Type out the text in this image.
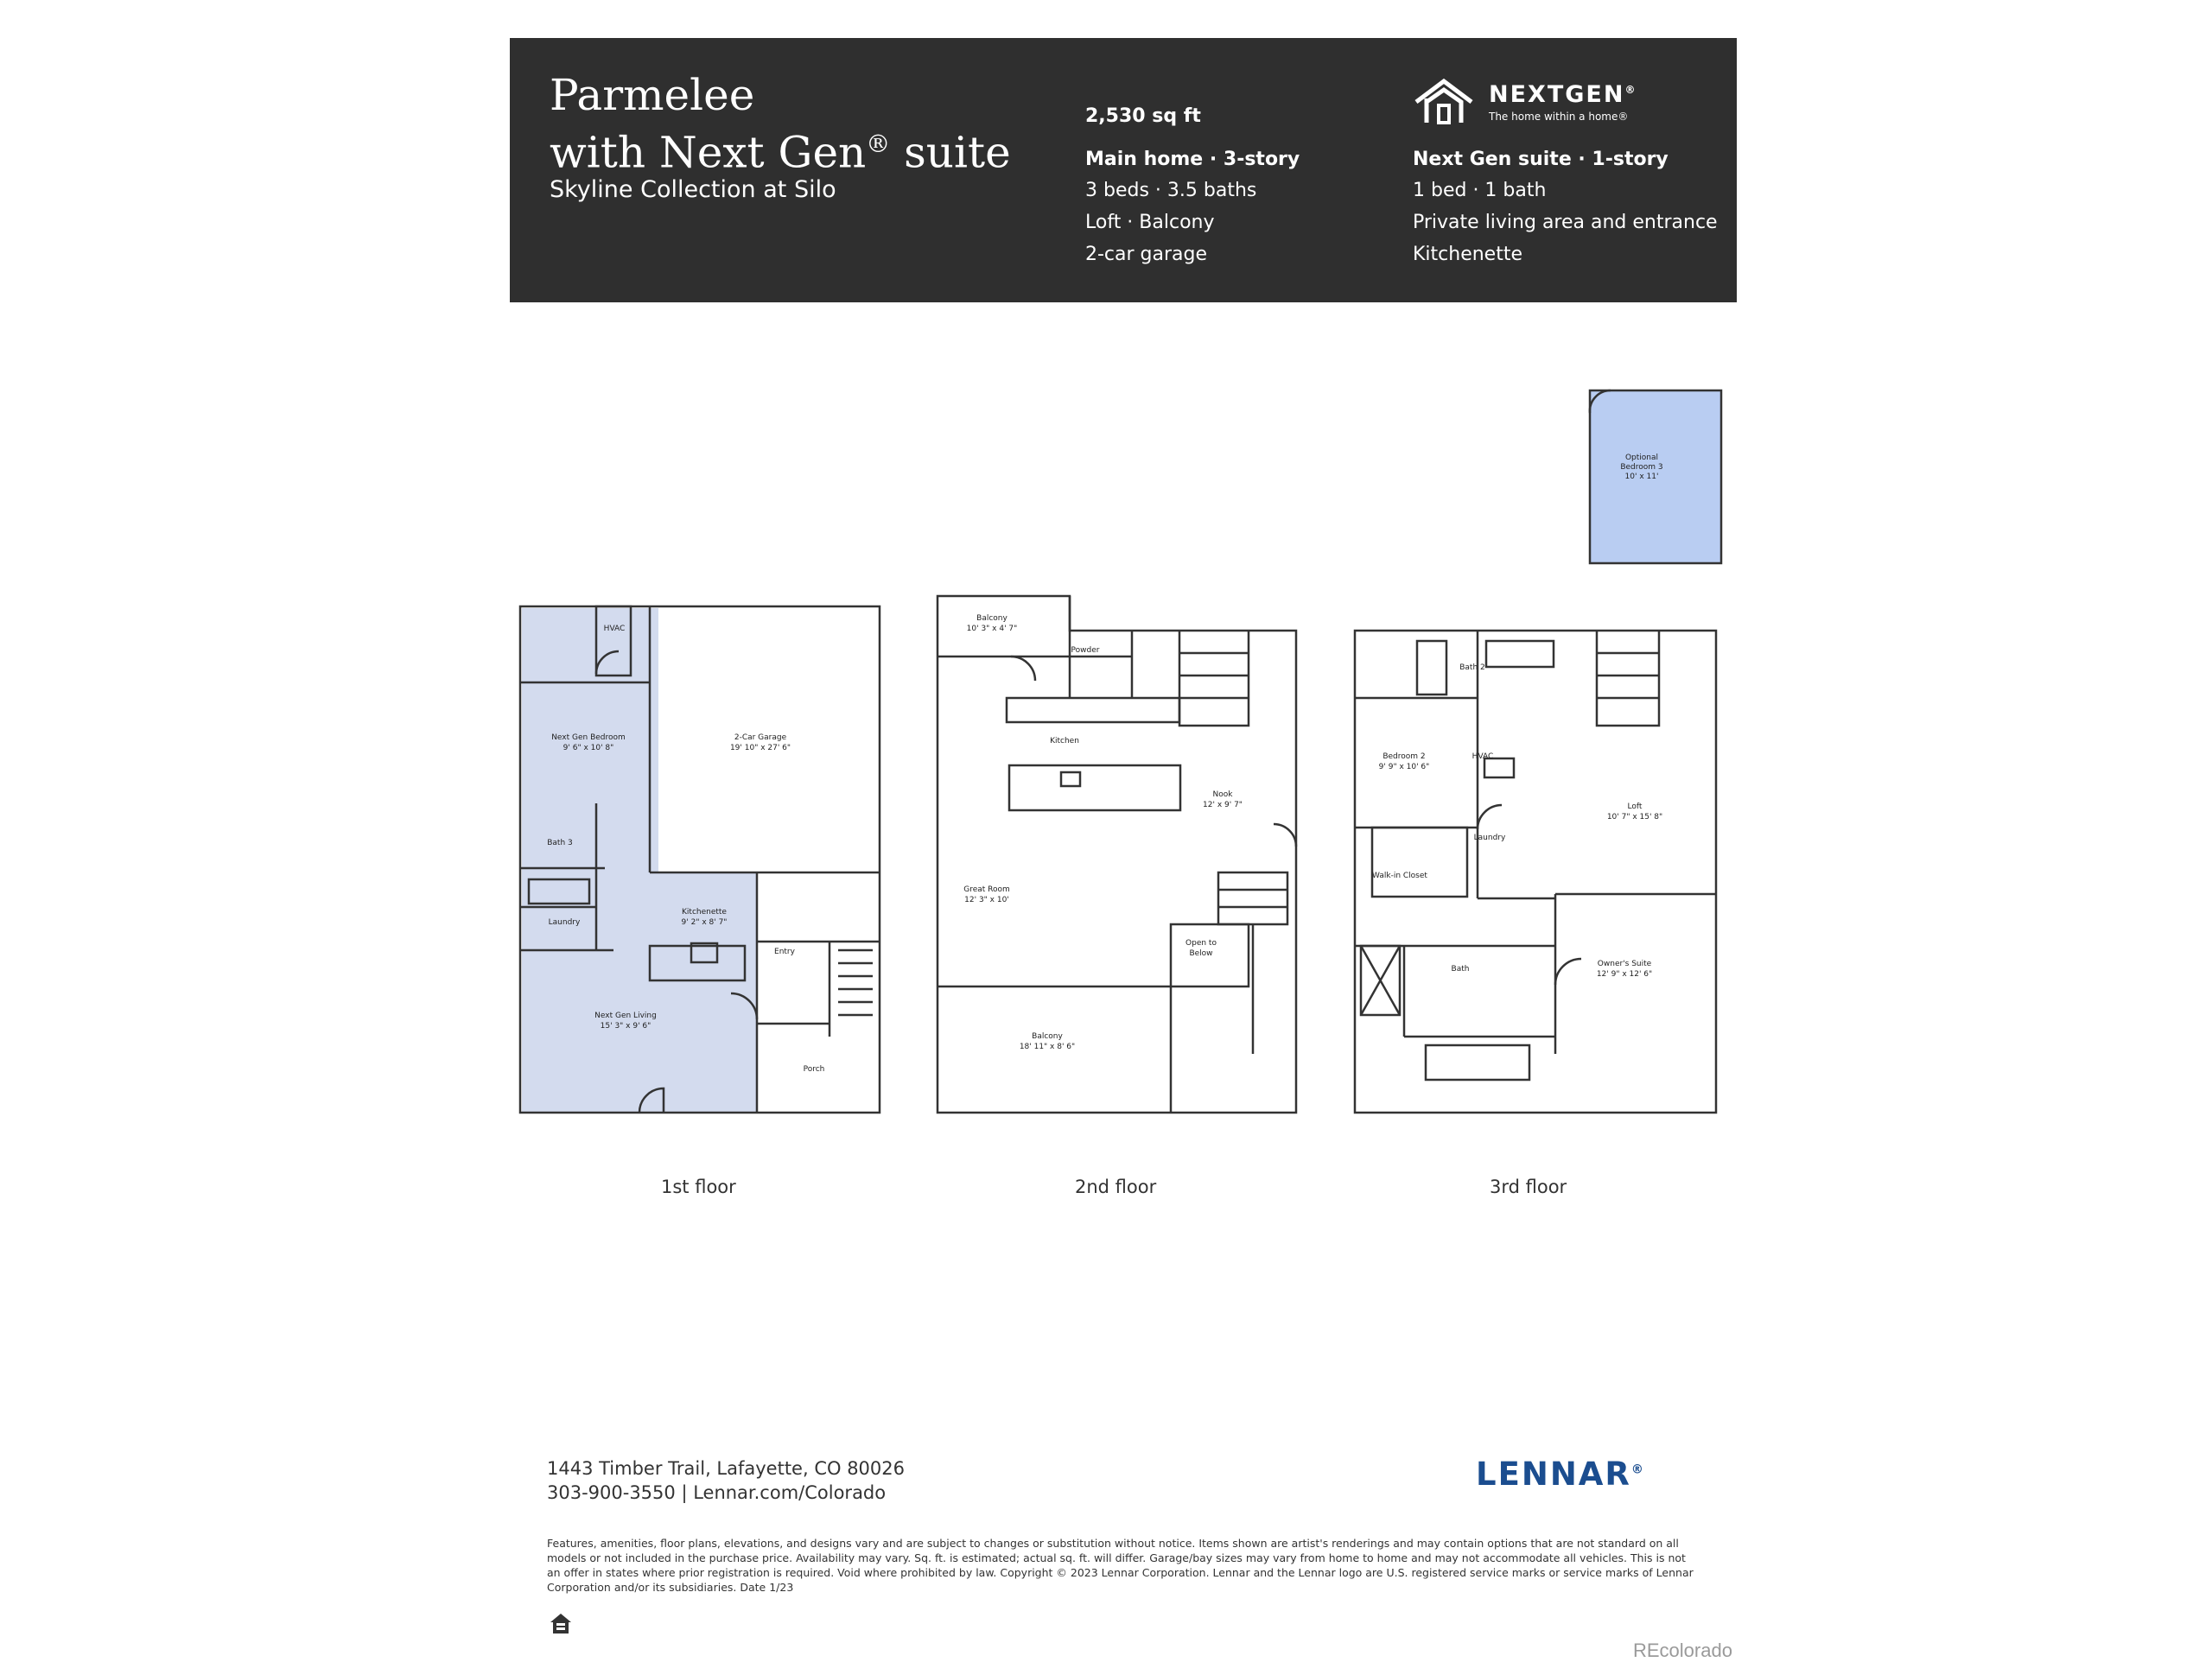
Parmelee
with Next Gen® suite
Skyline Collection at Silo
2,530 sq ft
Main home · 3-story
3 beds · 3.5 baths
Loft · Balcony
2-car garage
NEXTGEN®
The home within a home®
Next Gen suite · 1-story
1 bed · 1 bath
Private living area and entrance
Kitchenette
HVAC
Next Gen Bedroom
9' 6" x 10' 8"
2-Car Garage
19' 10" x 27' 6"
Bath 3
Laundry
Kitchenette
9' 2" x 8' 7"
Entry
Next Gen Living
15' 3" x 9' 6"
Porch
Balcony
10' 3" x 4' 7"
Powder
Kitchen
Nook
12' x 9' 7"
Great Room
12' 3" x 10'
Open to
Below
Balcony
18' 11" x 8' 6"
Bath 2
Bedroom 2
9' 9" x 10' 6"
HVAC
Loft
10' 7" x 15' 8"
Laundry
Walk-in Closet
Bath
Owner's Suite
12' 9" x 12' 6"
Optional
Bedroom 3
10' x 11'
1st floor	2nd floor	3rd floor
1443 Timber Trail, Lafayette, CO 80026
303-900-3550 | Lennar.com/Colorado	LENNAR®
Features, amenities, floor plans, elevations, and designs vary and are subject to changes or substitution without notice. Items shown are artist's renderings and may contain options that are not standard on all models or not included in the purchase price. Availability may vary. Sq. ft. is estimated; actual sq. ft. will differ. Garage/bay sizes may vary from home to home and may not accommodate all vehicles. This is not an offer in states where prior registration is required. Void where prohibited by law. Copyright © 2023 Lennar Corporation. Lennar and the Lennar logo are U.S. registered service marks or service marks of Lennar Corporation and/or its subsidiaries. Date 1/23
REcolorado
